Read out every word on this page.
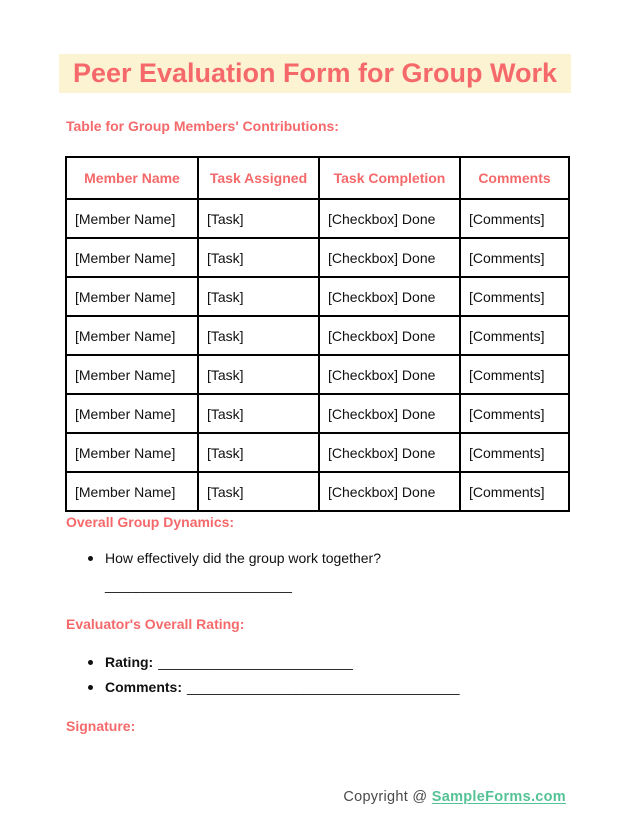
Peer Evaluation Form for Group Work
Table for Group Members' Contributions:
Member Name	Task Assigned	Task Completion	Comments
[Member Name]	[Task]	[Checkbox] Done	[Comments]
[Member Name]	[Task]	[Checkbox] Done	[Comments]
[Member Name]	[Task]	[Checkbox] Done	[Comments]
[Member Name]	[Task]	[Checkbox] Done	[Comments]
[Member Name]	[Task]	[Checkbox] Done	[Comments]
[Member Name]	[Task]	[Checkbox] Done	[Comments]
[Member Name]	[Task]	[Checkbox] Done	[Comments]
[Member Name]	[Task]	[Checkbox] Done	[Comments]
Overall Group Dynamics:
How effectively did the group work together?
________________________
Evaluator's Overall Rating:
Rating: _________________________
Comments: ___________________________________
Signature:
Copyright @ SampleForms.com
